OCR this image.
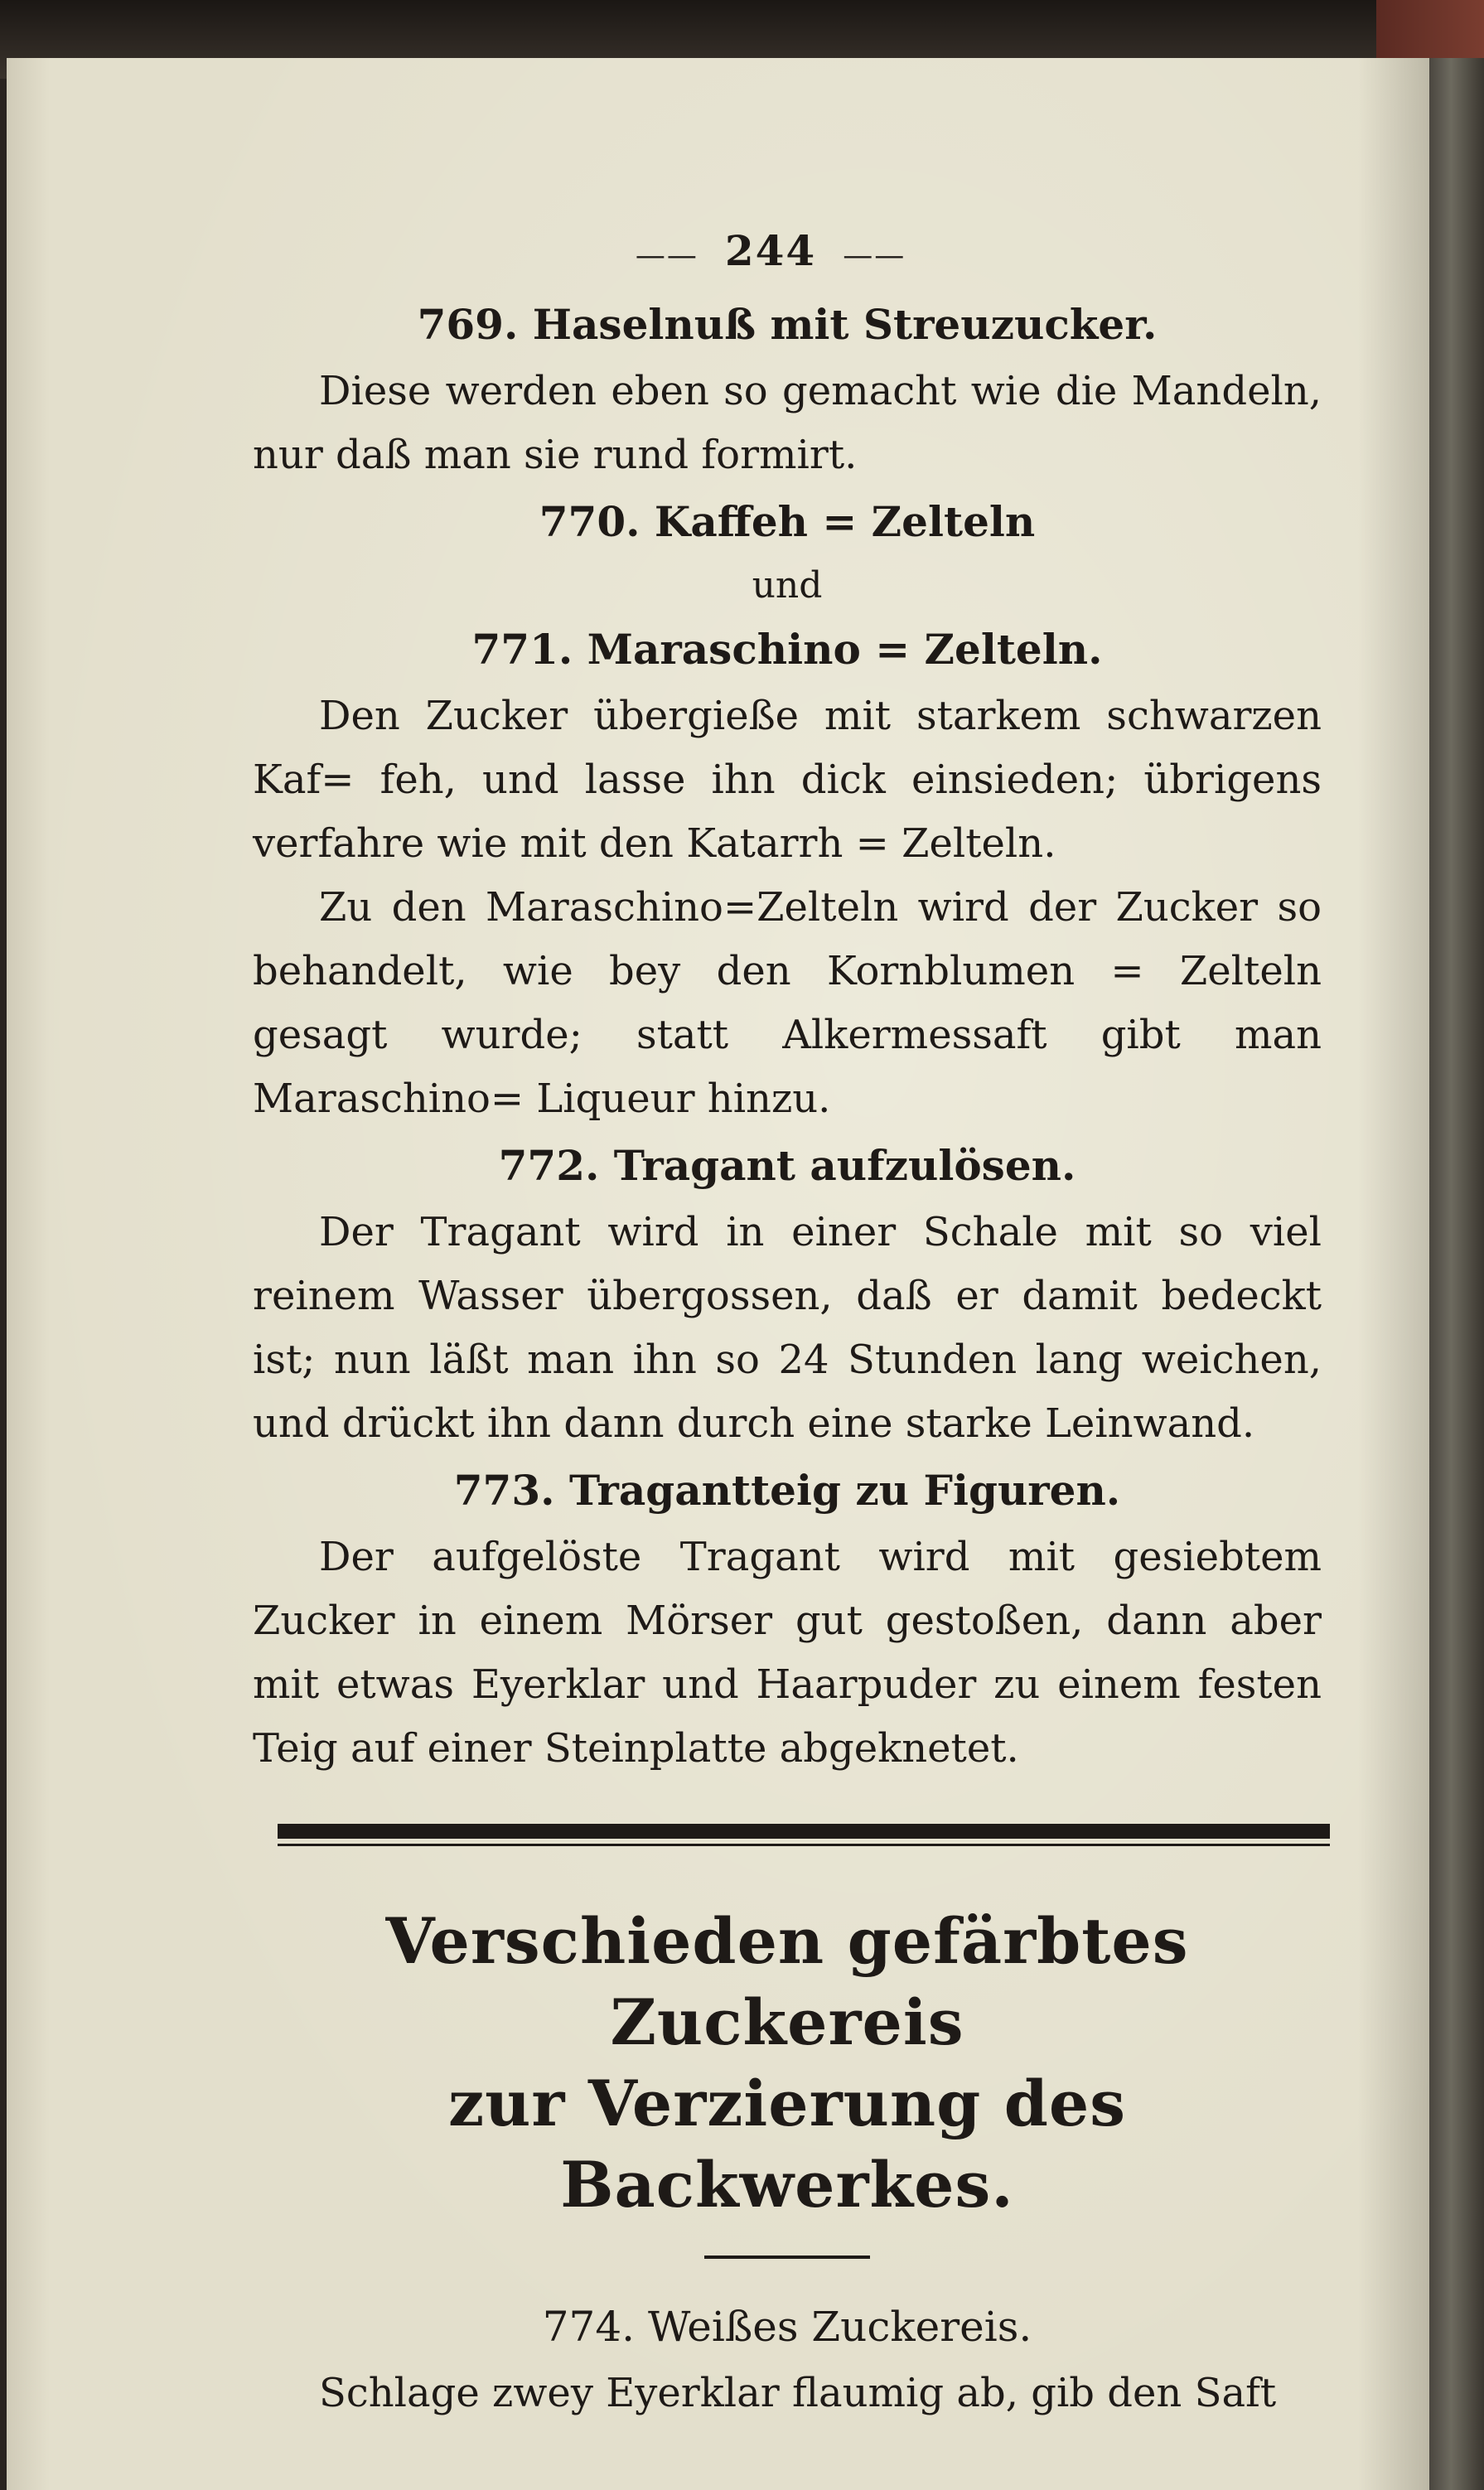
—— 244 ——
769. Haselnuß mit Streuzucker.

Diese werden eben so gemacht wie die Mandeln, nur daß man sie rund formirt.

770. Kaffeh = Zelteln
und
771. Maraschino = Zelteln.

Den Zucker übergieße mit starkem schwarzen Kaf= feh, und lasse ihn dick einsieden; übrigens verfahre wie mit den Katarrh = Zelteln.

Zu den Maraschino=Zelteln wird der Zucker so behandelt, wie bey den Kornblumen = Zelteln gesagt wurde; statt Alkermessaft gibt man Maraschino= Liqueur hinzu.

772. Tragant aufzulösen.

Der Tragant wird in einer Schale mit so viel reinem Wasser übergossen, daß er damit bedeckt ist; nun läßt man ihn so 24 Stunden lang weichen, und drückt ihn dann durch eine starke Leinwand.

773. Tragantteig zu Figuren.

Der aufgelöste Tragant wird mit gesiebtem Zucker in einem Mörser gut gestoßen, dann aber mit etwas Eyerklar und Haarpuder zu einem festen Teig auf einer Steinplatte abgeknetet.

Verschieden gefärbtes Zuckereis
zur Verzierung des Backwerkes.
774. Weißes Zuckereis.

Schlage zwey Eyerklar flaumig ab, gib den Saft
